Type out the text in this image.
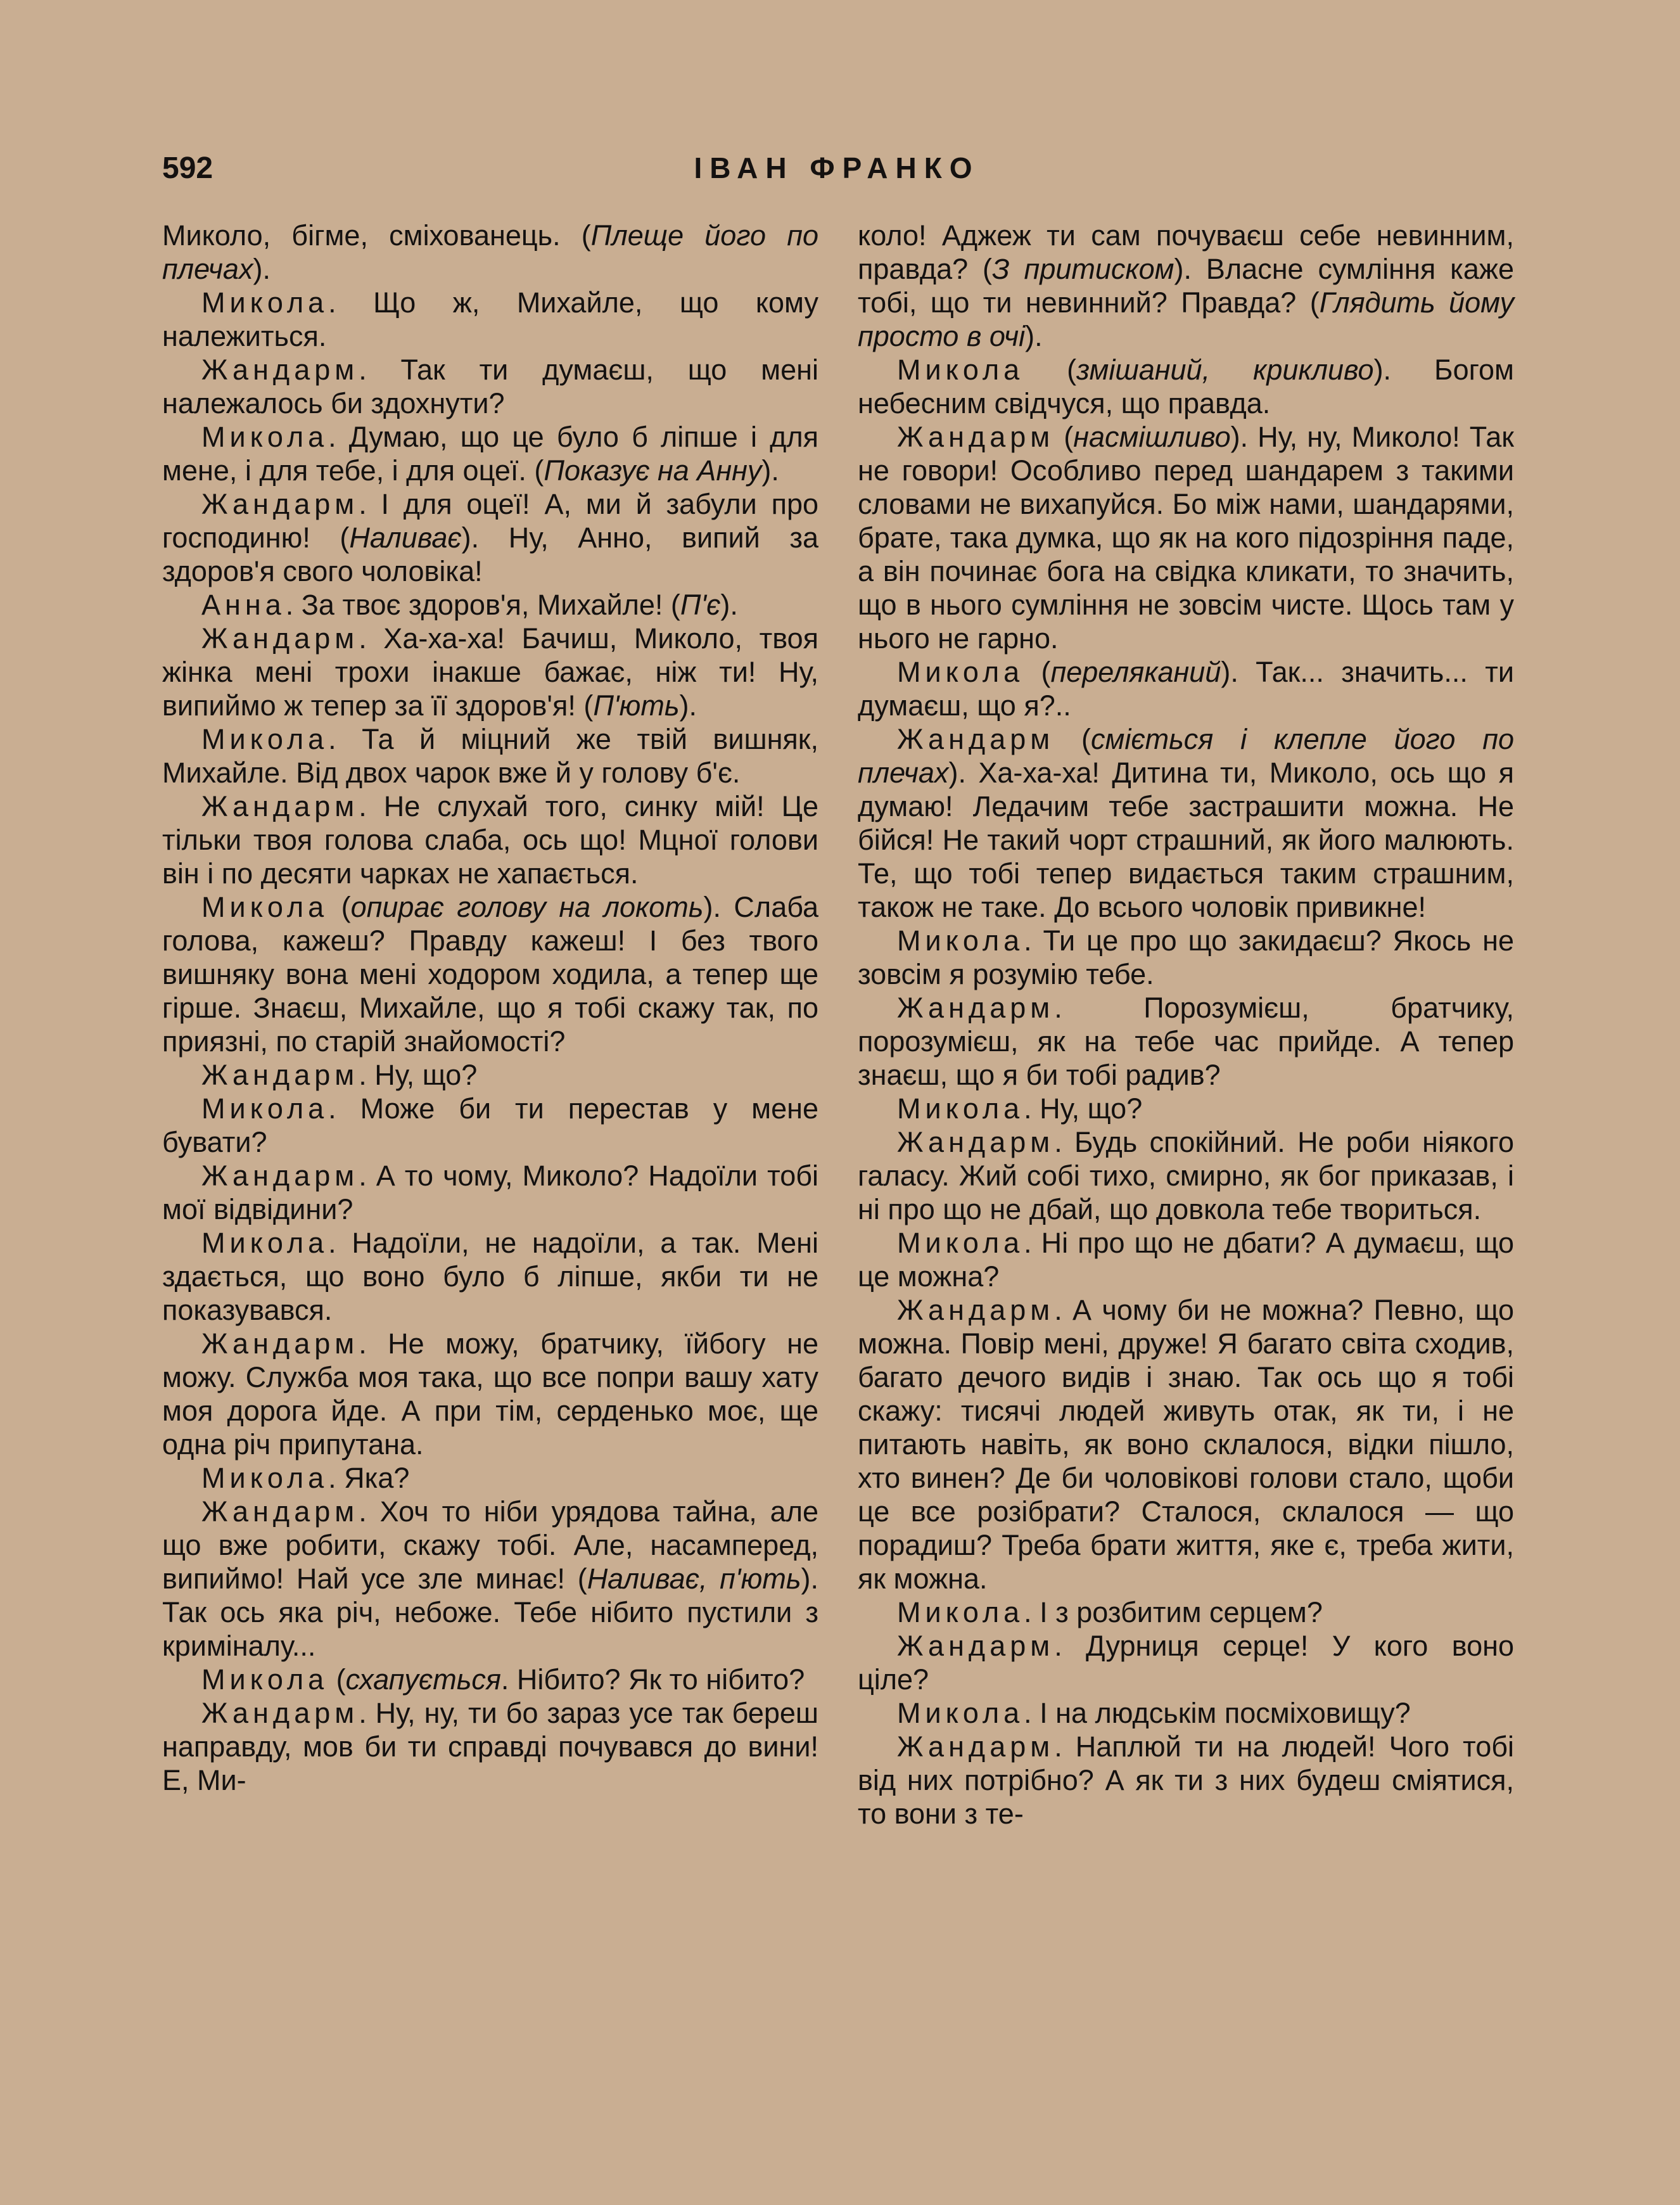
592	ІВАН ФРАНКО

Миколо, бігме, сміхованець. (Плеще його по плечах).

Микола. Що ж, Михайле, що кому належиться.

Жандарм. Так ти думаєш, що мені належалось би здохнути?

Микола. Думаю, що це було б ліпше і для мене, і для тебе, і для оцеї. (Показує на Анну).

Жандарм. І для оцеї! А, ми й забули про господиню! (Наливає). Ну, Анно, випий за здоров'я свого чоловіка!

Анна. За твоє здоров'я, Михайле! (П'є).

Жандарм. Ха-ха-ха! Бачиш, Миколо, твоя жінка мені трохи інакше бажає, ніж ти! Ну, випиймо ж тепер за її здоров'я! (П'ють).

Микола. Та й міцний же твій вишняк, Михайле. Від двох чарок вже й у голову б'є.

Жандарм. Не слухай того, синку мій! Це тільки твоя голова слаба, ось що! Мцної голови він і по десяти чарках не хапається.

Микола (опирає голову на локоть). Слаба голова, кажеш? Правду кажеш! І без твого вишняку вона мені ходором ходила, а тепер ще гірше. Знаєш, Михайле, що я тобі скажу так, по приязні, по старій знайомості?

Жандарм. Ну, що?

Микола. Може би ти перестав у мене бувати?

Жандарм. А то чому, Миколо? Надоїли тобі мої відвідини?

Микола. Надоїли, не надоїли, а так. Мені здається, що воно було б ліпше, якби ти не показувався.

Жандарм. Не можу, братчику, їйбогу не можу. Служба моя така, що все попри вашу хату моя дорога йде. А при тім, серденько моє, ще одна річ припутана.

Микола. Яка?

Жандарм. Хоч то ніби урядова тайна, але що вже робити, скажу тобі. Але, насамперед, випиймо! Най усе зле минає! (Наливає, п'ють). Так ось яка річ, небоже. Тебе нібито пустили з криміналу...

Микола (схапується. Нібито? Як то нібито?

Жандарм. Ну, ну, ти бо зараз усе так береш направду, мов би ти справді почувався до вини! Е, Ми-

коло! Аджеж ти сам почуваєш себе невинним, правда? (З притиском). Власне сумління каже тобі, що ти невинний? Правда? (Глядить йому просто в очі).

Микола (змішаний, крикливо). Богом небесним свідчуся, що правда.

Жандарм (насмішливо). Ну, ну, Миколо! Так не говори! Особливо перед шандарем з такими словами не вихапуйся. Бо між нами, шандарями, брате, така думка, що як на кого підозріння паде, а він починає бога на свідка кликати, то значить, що в нього сумління не зовсім чисте. Щось там у нього не гарно.

Микола (переляканий). Так... значить... ти думаєш, що я?..

Жандарм (сміється і клепле його по плечах). Ха-ха-ха! Дитина ти, Миколо, ось що я думаю! Ледачим тебе застрашити можна. Не бійся! Не такий чорт страшний, як його малюють. Те, що тобі тепер видається таким страшним, також не таке. До всього чоловік привикне!

Микола. Ти це про що закидаєш? Якось не зовсім я розумію тебе.

Жандарм. Порозумієш, братчику, порозумієш, як на тебе час прийде. А тепер знаєш, що я би тобі радив?

Микола. Ну, що?

Жандарм. Будь спокійний. Не роби ніякого галасу. Жий собі тихо, смирно, як бог приказав, і ні про що не дбай, що довкола тебе твориться.

Микола. Ні про що не дбати? А думаєш, що це можна?

Жандарм. А чому би не можна? Певно, що можна. Повір мені, друже! Я багато світа сходив, багато дечого видів і знаю. Так ось що я тобі скажу: тисячі людей живуть отак, як ти, і не питають навіть, як воно склалося, відки пішло, хто винен? Де би чоловікові голови стало, щоби це все розібрати? Сталося, склалося — що порадиш? Треба брати життя, яке є, треба жити, як можна.

Микола. І з розбитим серцем?

Жандарм. Дурниця серце! У кого воно ціле?

Микола. І на людськім посміховищу?

Жандарм. Наплюй ти на людей! Чого тобі від них потрібно? А як ти з них будеш сміятися, то вони з те-
